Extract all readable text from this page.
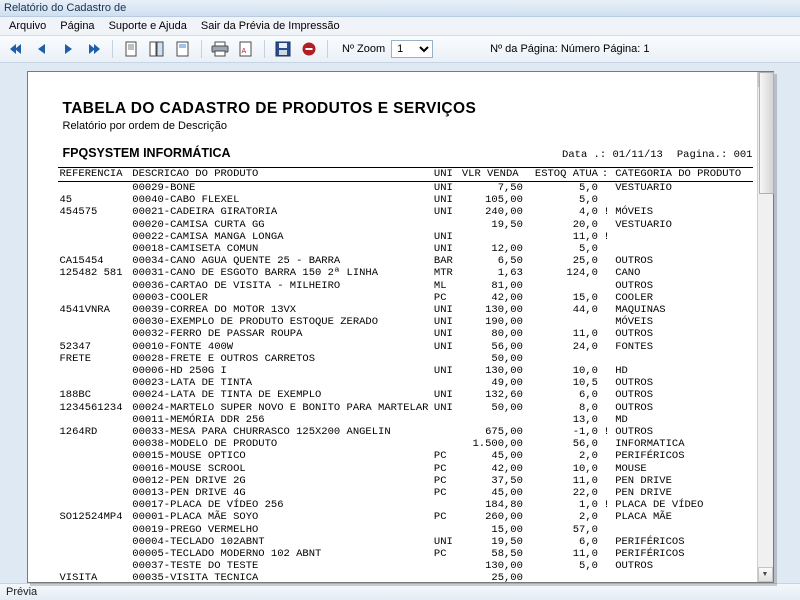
Relatório do Cadastro de
Arquivo	Página	Suporte e Ajuda	Sair da Prévia de Impressão
A	Nº Zoom
1	Nº da Página: Número Página: 1
TABELA DO CADASTRO DE PRODUTOS E SERVIÇOS
Relatório por ordem de Descrição
FPQSYSTEM INFORMÁTICA	Data .: 01/11/13 Pagina.: 001
REFERENCIA	DESCRICAO DO PRODUTO	UNI	VLR VENDA	ESTOQ ATUA	:	CATEGORIA DO PRODUTO
	00029-BONE	UNI	7,50	5,0		VESTUARIO
45	00040-CABO FLEXEL	UNI	105,00	5,0		
454575	00021-CADEIRA GIRATORIA	UNI	240,00	4,0	!	MÓVEIS
	00020-CAMISA CURTA GG		19,50	20,0		VESTUARIO
	00022-CAMISA MANGA LONGA	UNI		11,0	!	
	00018-CAMISETA COMUN	UNI	12,00	5,0		
CA15454	00034-CANO AGUA QUENTE 25 - BARRA	BAR	6,50	25,0		OUTROS
125482 581	00031-CANO DE ESGOTO BARRA 150 2ª LINHA	MTR	1,63	124,0		CANO
	00036-CARTAO DE VISITA - MILHEIRO	ML	81,00			OUTROS
	00003-COOLER	PC	42,00	15,0		COOLER
4541VNRA	00039-CORREA DO MOTOR 13VX	UNI	130,00	44,0		MAQUINAS
	00030-EXEMPLO DE PRODUTO ESTOQUE ZERADO	UNI	190,00			MÓVEIS
	00032-FERRO DE PASSAR ROUPA	UNI	80,00	11,0		OUTROS
52347	00010-FONTE 400W	UNI	56,00	24,0		FONTES
FRETE	00028-FRETE E OUTROS CARRETOS		50,00			
	00006-HD 250G I	UNI	130,00	10,0		HD
	00023-LATA DE TINTA		49,00	10,5		OUTROS
188BC	00024-LATA DE TINTA DE EXEMPLO	UNI	132,60	6,0		OUTROS
1234561234	00024-MARTELO SUPER NOVO E BONITO PARA MARTELAR	UNI	50,00	8,0		OUTROS
	00011-MEMÓRIA DDR 256			13,0		MD
1264RD	00033-MESA PARA CHURRASCO 125X200 ANGELIN		675,00	-1,0	!	OUTROS
	00038-MODELO DE PRODUTO		1.500,00	56,0		INFORMATICA
	00015-MOUSE OPTICO	PC	45,00	2,0		PERIFÉRICOS
	00016-MOUSE SCROOL	PC	42,00	10,0		MOUSE
	00012-PEN DRIVE 2G	PC	37,50	11,0		PEN DRIVE
	00013-PEN DRIVE 4G	PC	45,00	22,0		PEN DRIVE
	00017-PLACA DE VÍDEO 256		184,80	1,0	!	PLACA DE VÍDEO
SO12524MP4	00001-PLACA MÃE SOYO	PC	260,00	2,0		PLACA MÃE
	00019-PREGO VERMELHO		15,00	57,0		
	00004-TECLADO 102ABNT	UNI	19,50	6,0		PERIFÉRICOS
	00005-TECLADO MODERNO 102 ABNT	PC	58,50	11,0		PERIFÉRICOS
	00037-TESTE DO TESTE		130,00	5,0		OUTROS
VISITA	00035-VISITA TECNICA		25,00				▼
Prévia
